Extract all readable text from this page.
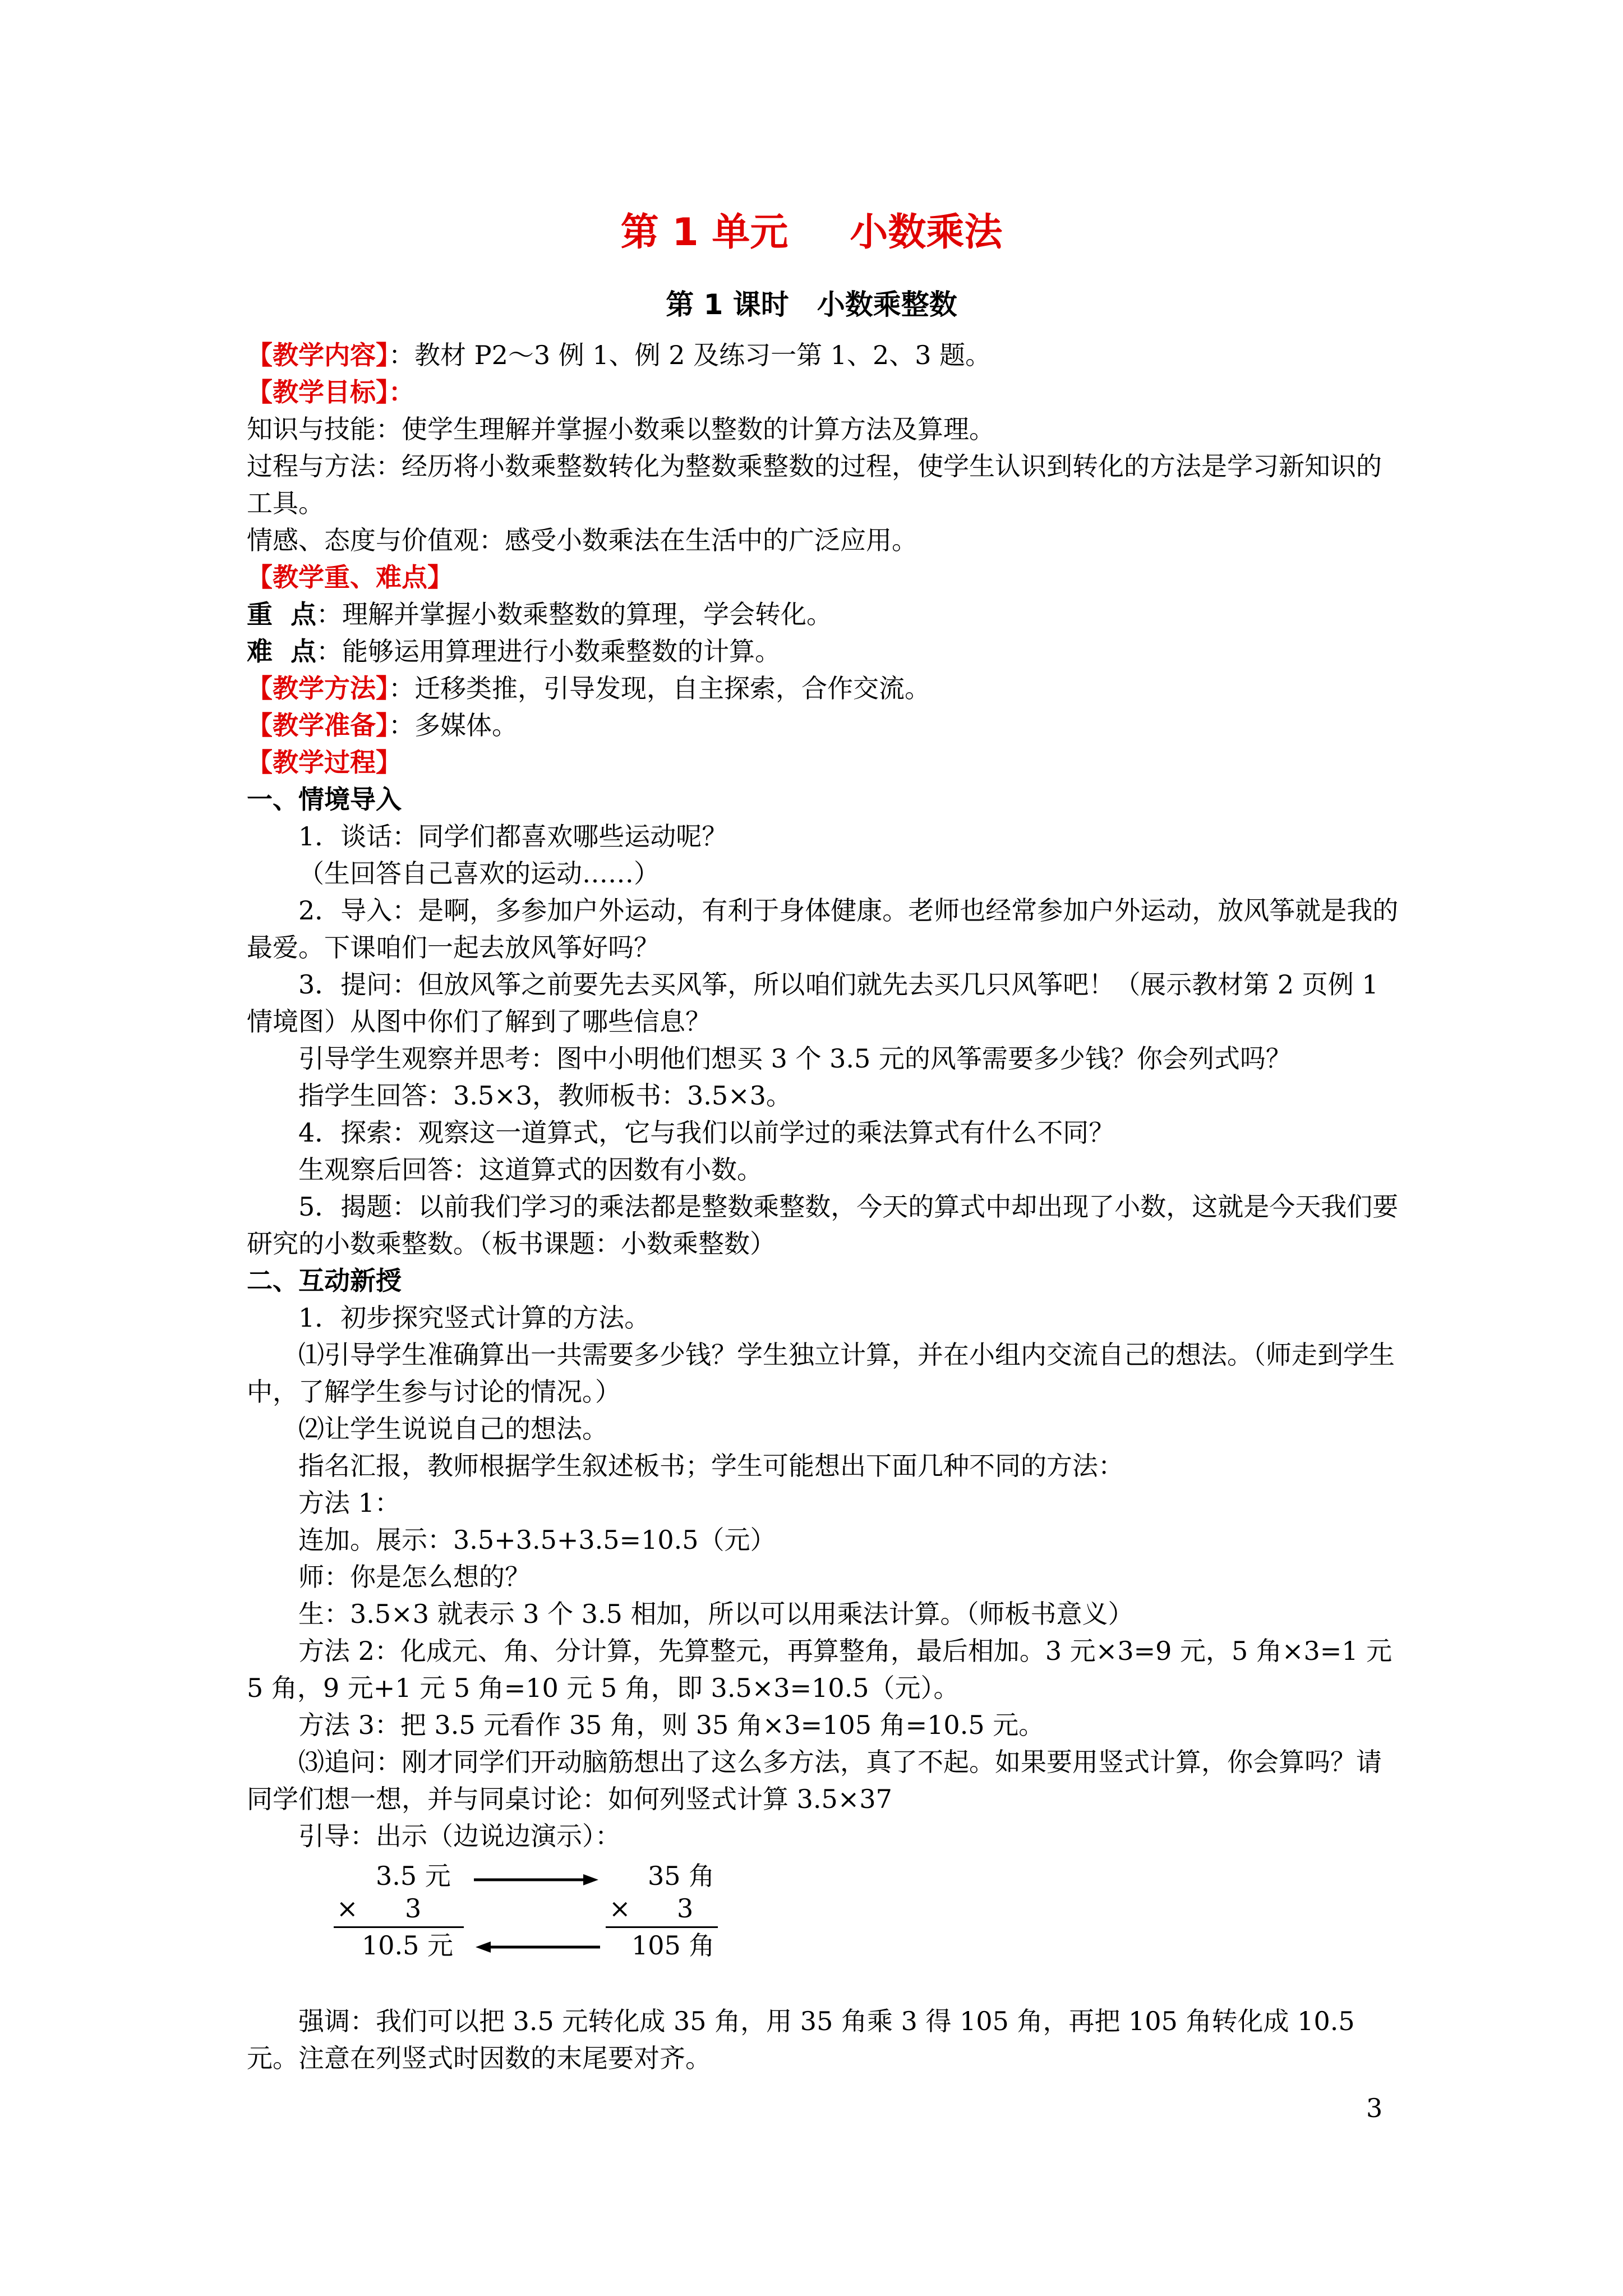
第 1 单元 小数乘法
第 1 课时 小数乘整数

【教学内容】：教材 P2～3 例 1、例 2 及练习一第 1、2、3 题。

【教学目标】：

知识与技能：使学生理解并掌握小数乘以整数的计算方法及算理。

过程与方法：经历将小数乘整数转化为整数乘整数的过程，使学生认识到转化的方法是学习新知识的工具。

情感、态度与价值观：感受小数乘法在生活中的广泛应用。

【教学重、难点】

重  点：理解并掌握小数乘整数的算理，学会转化。

难  点：能够运用算理进行小数乘整数的计算。

【教学方法】：迁移类推，引导发现，自主探索，合作交流。

【教学准备】：多媒体。

【教学过程】

一、情境导入

1．谈话：同学们都喜欢哪些运动呢？

（生回答自己喜欢的运动……）

2．导入：是啊，多参加户外运动，有利于身体健康。老师也经常参加户外运动，放风筝就是我的最爱。下课咱们一起去放风筝好吗？

3．提问：但放风筝之前要先去买风筝，所以咱们就先去买几只风筝吧！（展示教材第 2 页例 1 情境图）从图中你们了解到了哪些信息？

引导学生观察并思考：图中小明他们想买 3 个 3.5 元的风筝需要多少钱？你会列式吗？

指学生回答：3.5×3，教师板书：3.5×3。

4．探索：观察这一道算式，它与我们以前学过的乘法算式有什么不同？

生观察后回答：这道算式的因数有小数。

5．揭题：以前我们学习的乘法都是整数乘整数，今天的算式中却出现了小数，这就是今天我们要研究的小数乘整数。（板书课题：小数乘整数）

二、互动新授

1．初步探究竖式计算的方法。

⑴引导学生准确算出一共需要多少钱？学生独立计算，并在小组内交流自己的想法。（师走到学生中，了解学生参与讨论的情况。）

⑵让学生说说自己的想法。

指名汇报，教师根据学生叙述板书；学生可能想出下面几种不同的方法：

方法 1：

连加。展示：3.5+3.5+3.5=10.5（元）

师：你是怎么想的？

生：3.5×3 就表示 3 个 3.5 相加，所以可以用乘法计算。（师板书意义）

方法 2：化成元、角、分计算，先算整元，再算整角，最后相加。3 元×3=9 元，5 角×3=1 元 5 角，9 元+1 元 5 角=10 元 5 角，即 3.5×3=10.5（元）。

方法 3：把 3.5 元看作 35 角，则 35 角×3=105 角=10.5 元。

⑶追问：刚才同学们开动脑筋想出了这么多方法，真了不起。如果要用竖式计算，你会算吗？请同学们想一想，并与同桌讨论：如何列竖式计算 3.5×37

引导：出示（边说边演示）：

3.5 元
× 3
10.5 元
35 角
× 3
105 角

强调：我们可以把 3.5 元转化成 35 角，用 35 角乘 3 得 105 角，再把 105 角转化成 10.5 元。注意在列竖式时因数的末尾要对齐。

3
